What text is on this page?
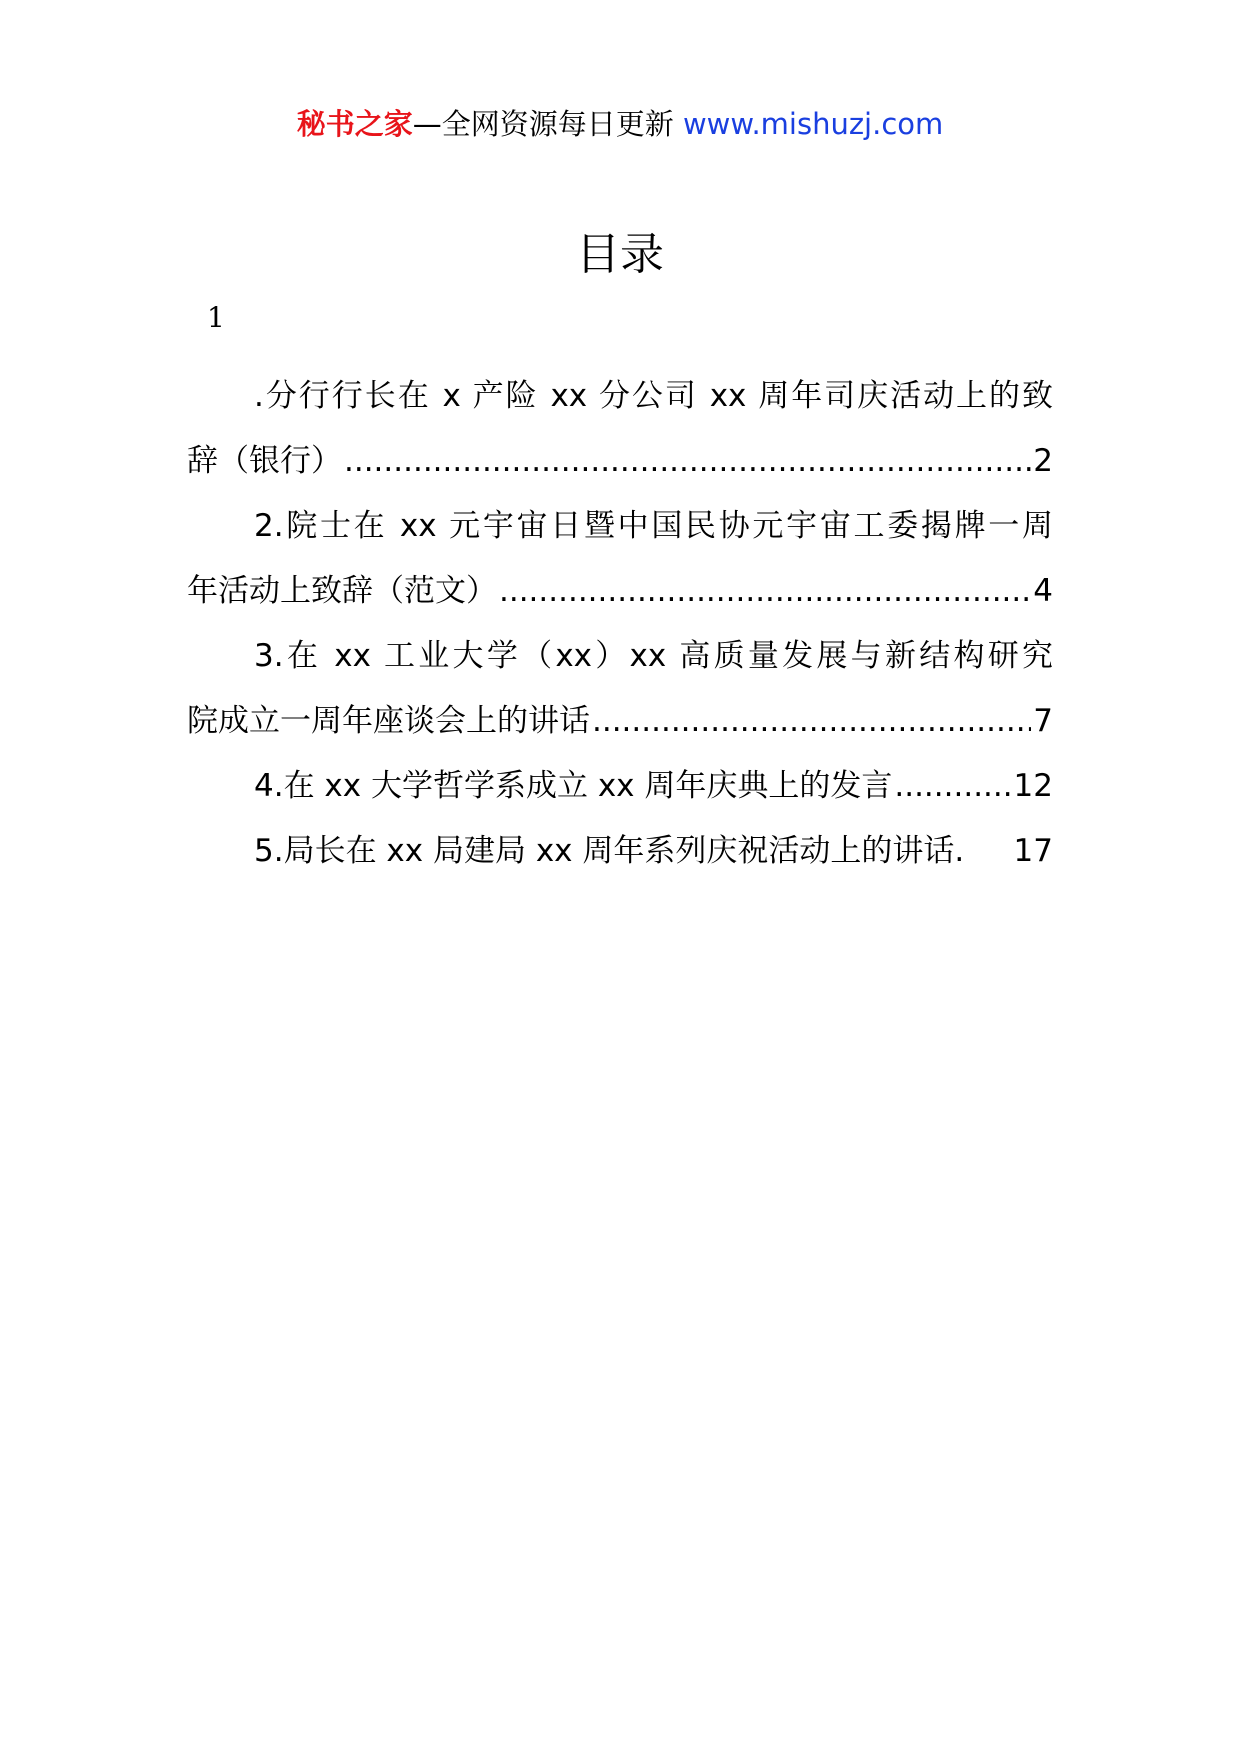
秘书之家—全网资源每日更新 www.mishuzj.com
目录
1
.分行行长在 x 产险 xx 分公司 xx 周年司庆活动上的致
辞（银行） .....	2
2.院士在 xx 元宇宙日暨中国民协元宇宙工委揭牌一周
年活动上致辞（范文） .....	4
3.在 xx 工业大学（xx）xx 高质量发展与新结构研究
院成立一周年座谈会上的讲话 .....	7
4.在 xx 大学哲学系成立 xx 周年庆典上的发言 .....	12
5.局长在 xx 局建局 xx 周年系列庆祝活动上的讲话. 17
